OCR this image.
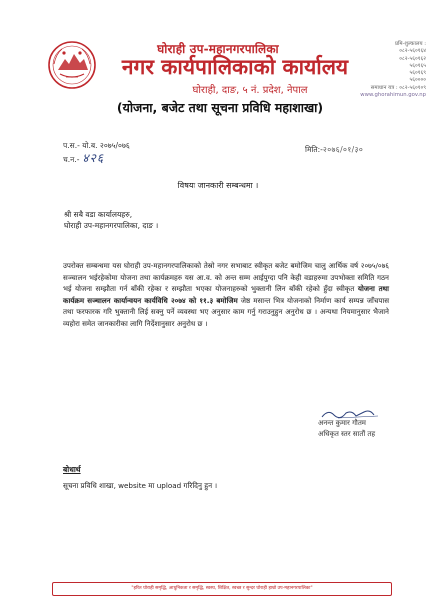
घोराही उप-महानगरपालिका
नगर कार्यपालिकाको कार्यालय
घोराही, दाङ, ५ नं. प्रदेश, नेपाल
(योजना, बजेट तथा सूचना प्रविधि महाशाखा)
प्रमि-शुल्कालय :
०८२-५६०१६४
०८२-५६०१६२
५६०१६५
५६०१६९
५६००००
समाधान यत्र : ०८२-५६०१०९
www.ghorahimun.gov.np
प.स.- यो.ब. २०७५/०७६
च.न.- ४२६
मिति:-२०७६/०१/३०
विषयः जानकारी सम्बन्धमा ।
श्री सबै वडा कार्यालयहरु,
घोराही उप-महानगरपालिका, दाङ ।
उपरोक्त सम्बन्धमा यस घोराही उप-महानगरपालिकाको तेस्रो नगर सभाबाट स्वीकृत बजेट बमोजिम चालु आर्थिक वर्ष २०७५/०७६ सञ्चालन भईरहेकोमा योजना तथा कार्यक्रमहरु यस आ.व. को अन्त सम्म आईपुग्दा पनि केही वडाहरुमा उपभोक्ता समिति गठन भई योजना सम्झौता गर्न बाँकी रहेका र सम्झौता भएका योजनाहरुको भुक्तानी लिन बाँकी रहेको हुँदा स्वीकृत योजना तथा कार्यक्रम सञ्चालन कार्यान्वयन कार्यविधि २०७४ को ११.३ बमोजिम जेष्ठ मसान्त भित्र योजनाको निर्माण कार्य सम्पन्न जाँचपास तथा फरफारक गरि भुक्तानी लिई सक्नु पर्ने व्यवस्था भए अनुसार काम गर्नु गराउनुहुन अनुरोध छ । अन्यथा नियमानुसार भैजाने व्यहोरा समेत जानकारीका लागि निर्देशानुसार अनुरोध छ ।
अनन्त कुमार गौतम
अधिकृत स्तर सातौं तह
बोधार्थ
सूचना प्रविधि शाखा, website मा upload गरिदिनु हुन ।
"हरित घोराही समृद्धि, आधुनिकता र समृद्धि, स्वस्थ, शिक्षित, स्वच्छ र सुन्दर घोराही हाम्रो उप-महानगरपालिका"
